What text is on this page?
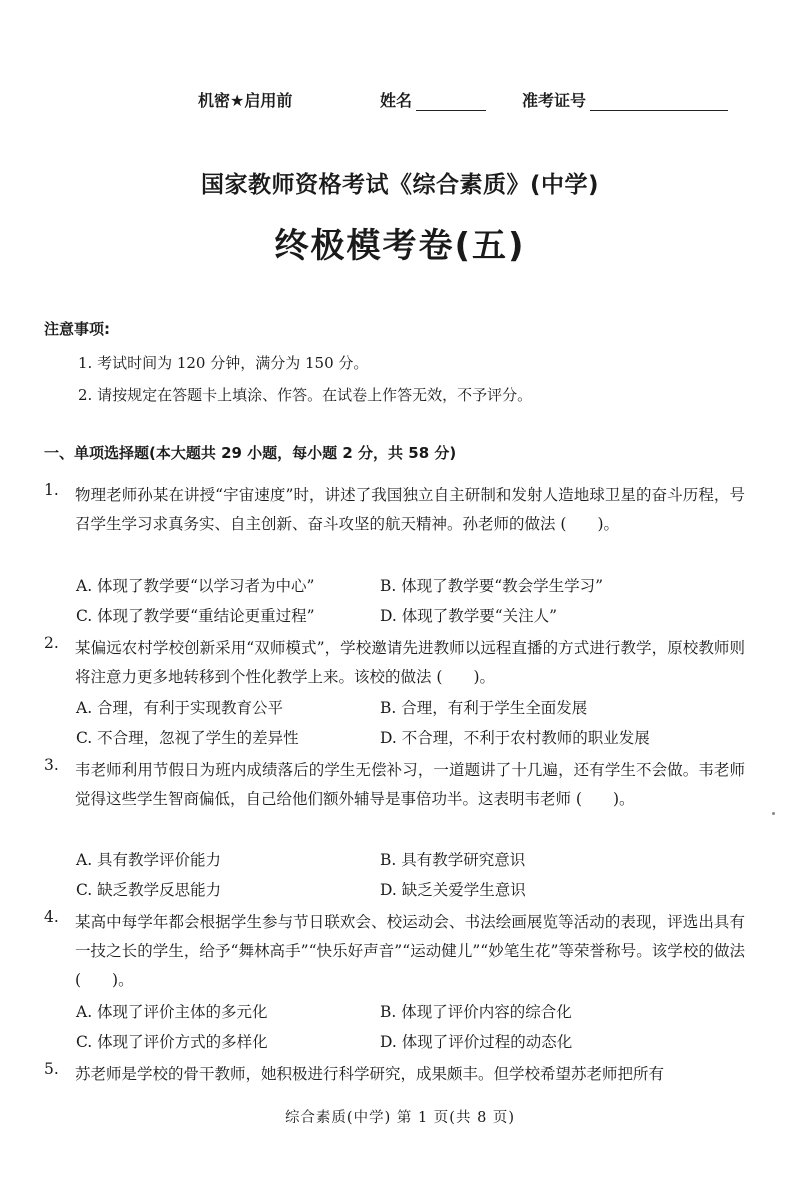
机密★启用前	姓名	准考证号
国家教师资格考试《综合素质》(中学)
终极模考卷(五)
注意事项:
1. 考试时间为 120 分钟，满分为 150 分。
2. 请按规定在答题卡上填涂、作答。在试卷上作答无效，不予评分。
一、单项选择题(本大题共 29 小题，每小题 2 分，共 58 分)
1. 物理老师孙某在讲授“宇宙速度”时，讲述了我国独立自主研制和发射人造地球卫星的奋斗历程，号召学生学习求真务实、自主创新、奋斗攻坚的航天精神。孙老师的做法 (　　)。
A. 体现了教学要“以学习者为中心”	B. 体现了教学要“教会学生学习”
C. 体现了教学要“重结论更重过程”	D. 体现了教学要“关注人”
2. 某偏远农村学校创新采用“双师模式”，学校邀请先进教师以远程直播的方式进行教学，原校教师则将注意力更多地转移到个性化教学上来。该校的做法 (　　)。
A. 合理，有利于实现教育公平	B. 合理，有利于学生全面发展
C. 不合理，忽视了学生的差异性	D. 不合理，不利于农村教师的职业发展
3. 韦老师利用节假日为班内成绩落后的学生无偿补习，一道题讲了十几遍，还有学生不会做。韦老师觉得这些学生智商偏低，自己给他们额外辅导是事倍功半。这表明韦老师 (　　)。
A. 具有教学评价能力	B. 具有教学研究意识
C. 缺乏教学反思能力	D. 缺乏关爱学生意识
4. 某高中每学年都会根据学生参与节日联欢会、校运动会、书法绘画展览等活动的表现，评选出具有一技之长的学生，给予“舞林高手”“快乐好声音”“运动健儿”“妙笔生花”等荣誉称号。该学校的做法 (　　)。
A. 体现了评价主体的多元化	B. 体现了评价内容的综合化
C. 体现了评价方式的多样化	D. 体现了评价过程的动态化
5. 苏老师是学校的骨干教师，她积极进行科学研究，成果颇丰。但学校希望苏老师把所有
综合素质(中学) 第 1 页(共 8 页)
